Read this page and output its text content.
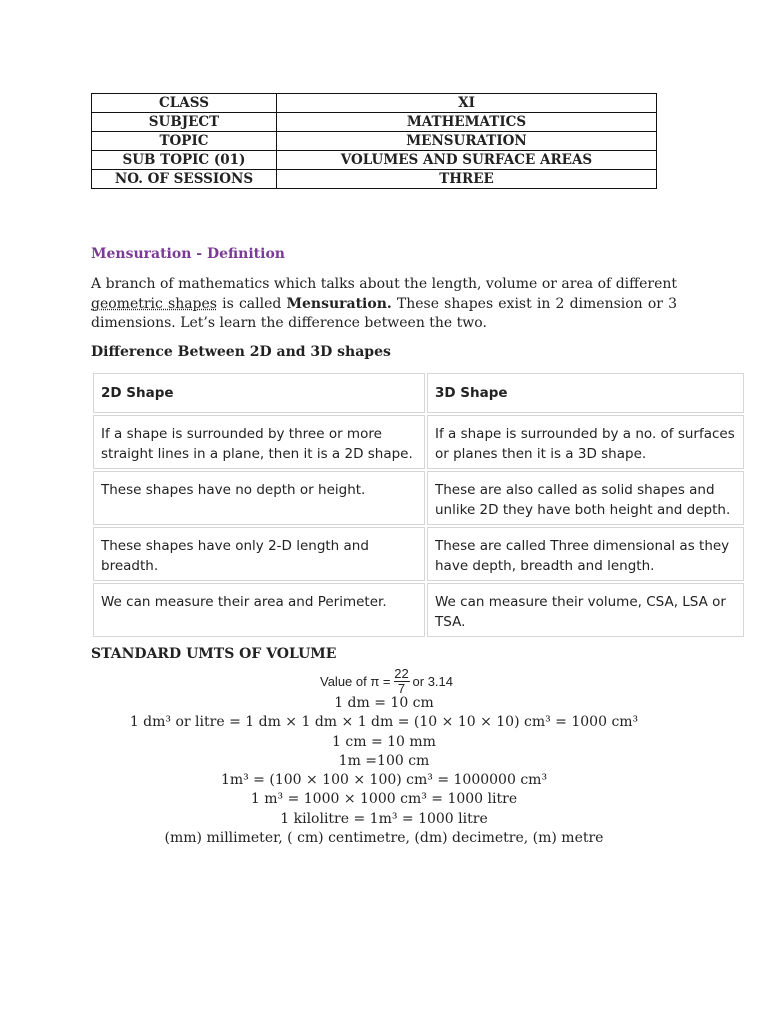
CLASS	XI
SUBJECT	MATHEMATICS
TOPIC	MENSURATION
SUB TOPIC (01)	VOLUMES AND SURFACE AREAS
NO. OF SESSIONS	THREE
Mensuration - Definition
A branch of mathematics which talks about the length, volume or area of different geometric shapes is called Mensuration. These shapes exist in 2 dimension or 3 dimensions. Let’s learn the difference between the two.
Difference Between 2D and 3D shapes
2D Shape	3D Shape
If a shape is surrounded by three or more straight lines in a plane, then it is a 2D shape.	If a shape is surrounded by a no. of surfaces or planes then it is a 3D shape.
These shapes have no depth or height.	These are also called as solid shapes and unlike 2D they have both height and depth.
These shapes have only 2-D length and breadth.	These are called Three dimensional as they have depth, breadth and length.
We can measure their area and Perimeter.	We can measure their volume, CSA, LSA or TSA.
STANDARD UMTS OF VOLUME
Value of $\pi = \frac{22}{7}$ or 3.14
1 dm = 10 cm
1 dm³ or litre = 1 dm × 1 dm × 1 dm = (10 × 10 × 10) cm³ = 1000 cm³
1 cm = 10 mm
1m =100 cm
1m³ = (100 × 100 × 100) cm³ = 1000000 cm³
1 m³ = 1000 × 1000 cm³ = 1000 litre
1 kilolitre = 1m³ = 1000 litre
(mm) millimeter, ( cm) centimetre, (dm) decimetre, (m) metre
